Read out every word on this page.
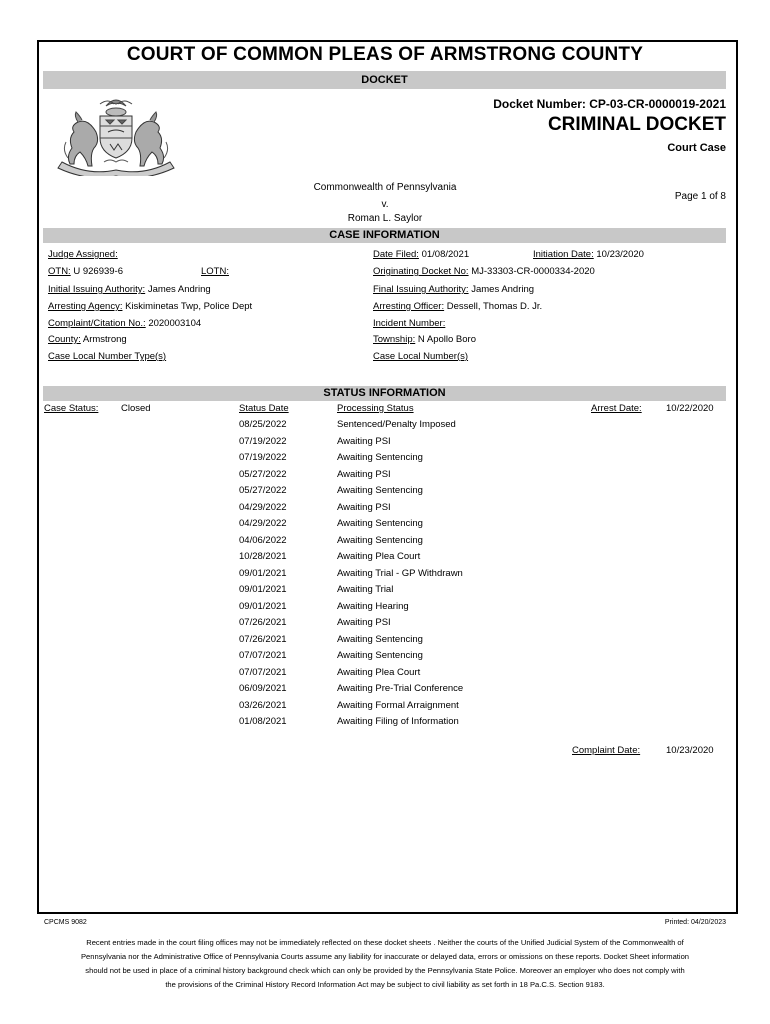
COURT OF COMMON PLEAS OF ARMSTRONG COUNTY
DOCKET
Docket Number: CP-03-CR-0000019-2021
CRIMINAL DOCKET
Court Case
Page 1 of 8
Commonwealth of Pennsylvania
v.
Roman L. Saylor
CASE INFORMATION
Judge Assigned:
OTN: U 926939-6	LOTN:
Initial Issuing Authority: James Andring
Arresting Agency: Kiskiminetas Twp, Police Dept
Complaint/Citation No.: 2020003104
County: Armstrong
Case Local Number Type(s)
Date Filed: 01/08/2021	Initiation Date: 10/23/2020
Originating Docket No: MJ-33303-CR-0000334-2020
Final Issuing Authority: James Andring
Arresting Officer: Dessell, Thomas D. Jr.
Incident Number:
Township: N Apollo Boro
Case Local Number(s)
STATUS INFORMATION
Case Status: Closed	Status Date	Processing Status	Arrest Date:	10/22/2020
08/25/2022	Sentenced/Penalty Imposed
07/19/2022	Awaiting PSI
07/19/2022	Awaiting Sentencing
05/27/2022	Awaiting PSI
05/27/2022	Awaiting Sentencing
04/29/2022	Awaiting PSI
04/29/2022	Awaiting Sentencing
04/06/2022	Awaiting Sentencing
10/28/2021	Awaiting Plea Court
09/01/2021	Awaiting Trial - GP Withdrawn
09/01/2021	Awaiting Trial
09/01/2021	Awaiting Hearing
07/26/2021	Awaiting PSI
07/26/2021	Awaiting Sentencing
07/07/2021	Awaiting Sentencing
07/07/2021	Awaiting Plea Court
06/09/2021	Awaiting Pre-Trial Conference
03/26/2021	Awaiting Formal Arraignment
01/08/2021	Awaiting Filing of Information
Complaint Date:	10/23/2020
CPCMS 9082	Printed: 04/20/2023
Recent entries made in the court filing offices may not be immediately reflected on these docket sheets . Neither the courts of the Unified Judicial System of the Commonwealth of Pennsylvania nor the Administrative Office of Pennsylvania Courts assume any liability for inaccurate or delayed data, errors or omissions on these reports. Docket Sheet information should not be used in place of a criminal history background check which can only be provided by the Pennsylvania State Police. Moreover an employer who does not comply with the provisions of the Criminal History Record Information Act may be subject to civil liability as set forth in 18 Pa.C.S. Section 9183.
